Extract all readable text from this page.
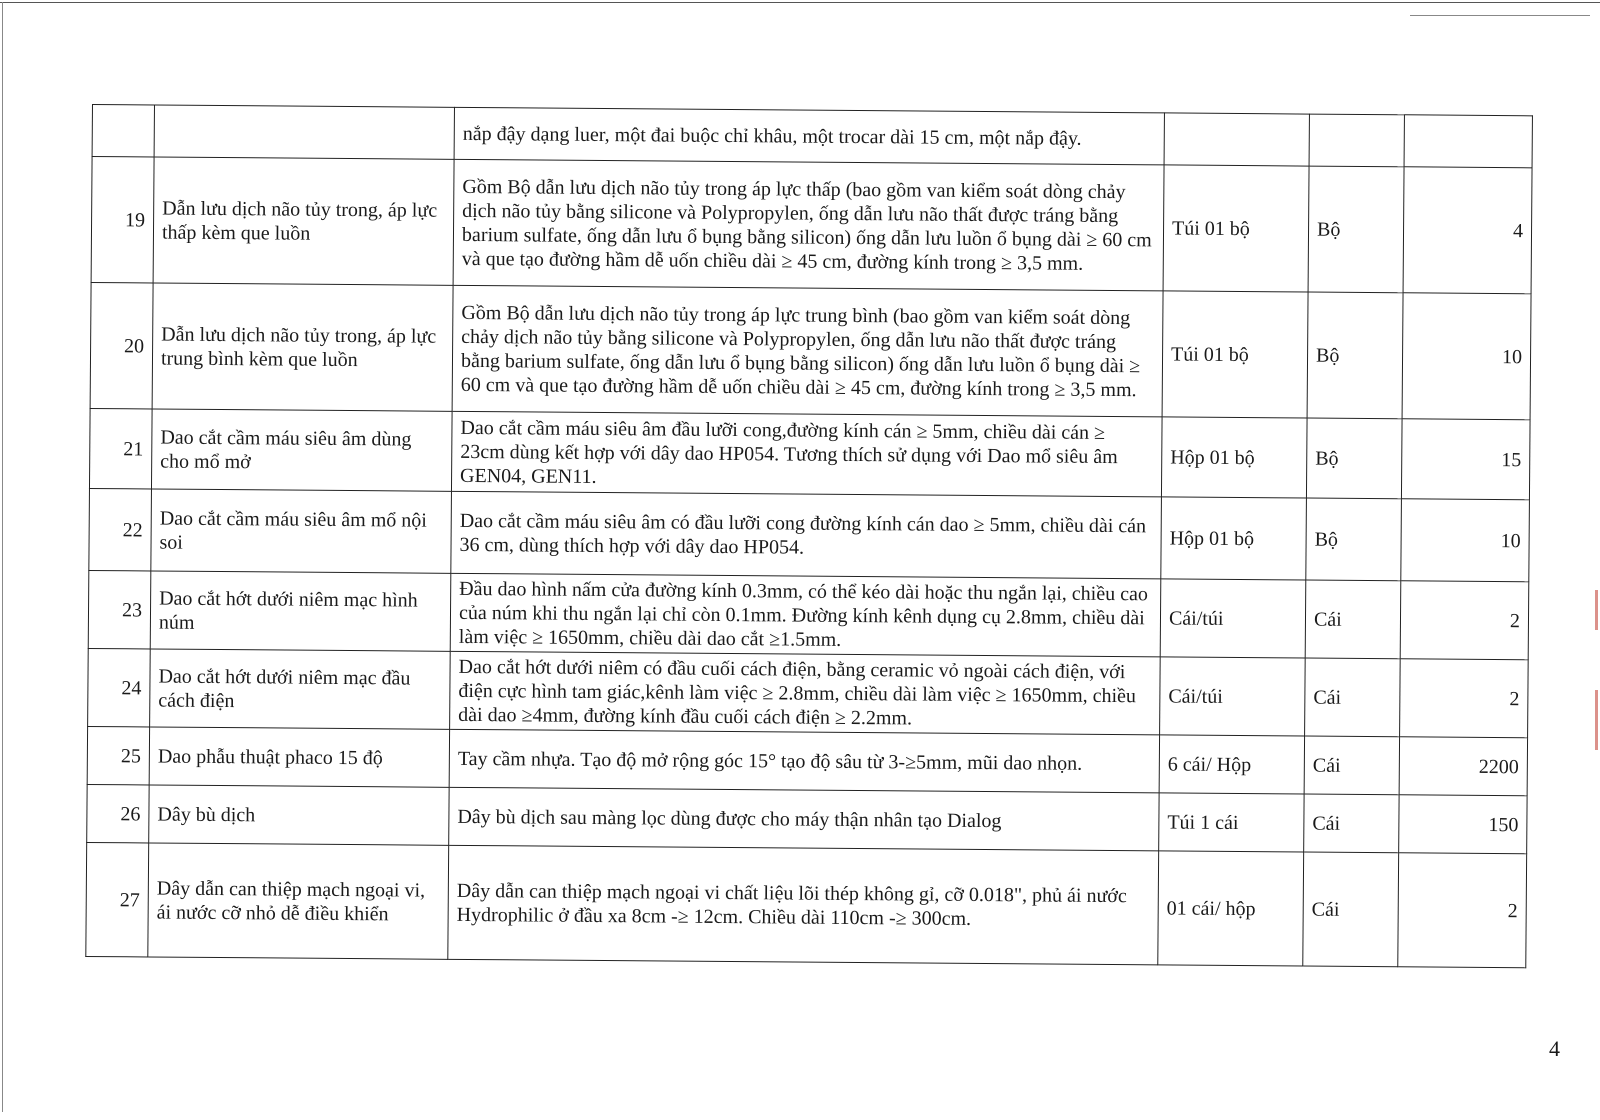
		nắp đậy dạng luer, một đai buộc chỉ khâu, một trocar dài 15 cm, một nắp đậy.			
19	Dẫn lưu dịch não tủy trong, áp lực thấp kèm que luồn	Gồm Bộ dẫn lưu dịch não tủy trong áp lực thấp (bao gồm van kiểm soát dòng chảy dịch não tủy bằng silicone và Polypropylen, ống dẫn lưu não thất được tráng bằng barium sulfate, ống dẫn lưu ổ bụng bằng silicon) ống dẫn lưu luồn ổ bụng dài ≥ 60 cm và que tạo đường hầm dễ uốn chiều dài ≥ 45 cm, đường kính trong ≥ 3,5 mm.	Túi 01 bộ	Bộ	4
20	Dẫn lưu dịch não tủy trong, áp lực trung bình kèm que luồn	Gồm Bộ dẫn lưu dịch não tủy trong áp lực trung bình (bao gồm van kiểm soát dòng chảy dịch não tủy bằng silicone và Polypropylen, ống dẫn lưu não thất được tráng bằng barium sulfate, ống dẫn lưu ổ bụng bằng silicon) ống dẫn lưu luồn ổ bụng dài ≥ 60 cm và que tạo đường hầm dễ uốn chiều dài ≥ 45 cm, đường kính trong ≥ 3,5 mm.	Túi 01 bộ	Bộ	10
21	Dao cắt cầm máu siêu âm dùng cho mổ mở	Dao cắt cầm máu siêu âm đầu lưỡi cong,đường kính cán ≥ 5mm, chiều dài cán ≥ 23cm dùng kết hợp với dây dao HP054. Tương thích sử dụng với Dao mổ siêu âm GEN04, GEN11.	Hộp 01 bộ	Bộ	15
22	Dao cắt cầm máu siêu âm mổ nội soi	Dao cắt cầm máu siêu âm có đầu lưỡi cong đường kính cán dao ≥ 5mm, chiều dài cán 36 cm, dùng thích hợp với dây dao HP054.	Hộp 01 bộ	Bộ	10
23	Dao cắt hớt dưới niêm mạc hình núm	Đầu dao hình nấm cửa đường kính 0.3mm, có thể kéo dài hoặc thu ngắn lại, chiều cao của núm khi thu ngắn lại chỉ còn 0.1mm. Đường kính kênh dụng cụ 2.8mm, chiều dài làm việc ≥ 1650mm, chiều dài dao cắt ≥1.5mm.	Cái/túi	Cái	2
24	Dao cắt hớt dưới niêm mạc đầu cách điện	Dao cắt hớt dưới niêm có đầu cuối cách điện, bằng ceramic vỏ ngoài cách điện, với điện cực hình tam giác,kênh làm việc ≥ 2.8mm, chiều dài làm việc ≥ 1650mm, chiều dài dao ≥4mm, đường kính đầu cuối cách điện ≥ 2.2mm.	Cái/túi	Cái	2
25	Dao phẫu thuật phaco 15 độ	Tay cầm nhựa. Tạo độ mở rộng góc 15° tạo độ sâu từ 3-≥5mm, mũi dao nhọn.	6 cái/ Hộp	Cái	2200
26	Dây bù dịch	Dây bù dịch sau màng lọc dùng được cho máy thận nhân tạo Dialog	Túi 1 cái	Cái	150
27	Dây dẫn can thiệp mạch ngoại vi, ái nước cỡ nhỏ dễ điều khiển	Dây dẫn can thiệp mạch ngoại vi chất liệu lõi thép không gỉ, cỡ 0.018", phủ ái nước Hydrophilic ở đầu xa 8cm -≥ 12cm. Chiều dài 110cm -≥ 300cm.	01 cái/ hộp	Cái	2
4
